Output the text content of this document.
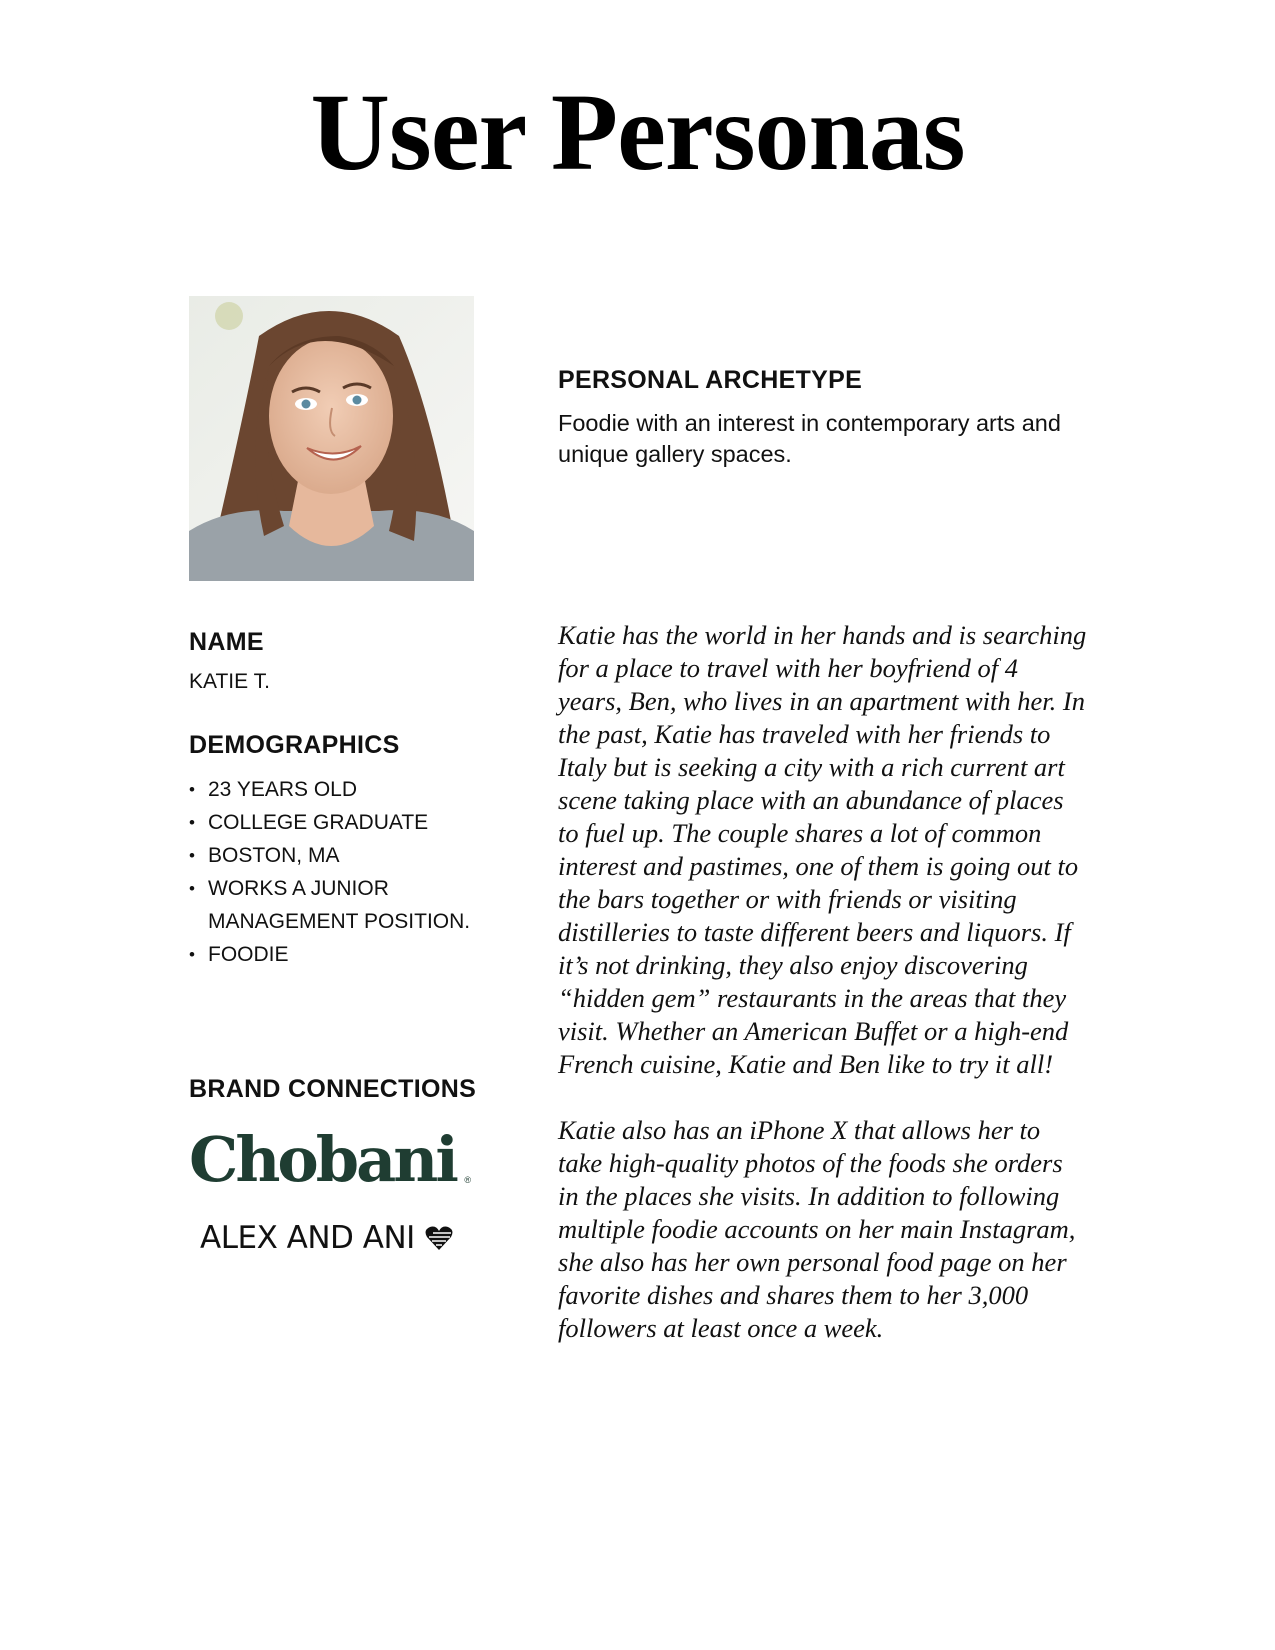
User Personas
PERSONAL ARCHETYPE
Foodie with an interest in contemporary arts and unique gallery spaces.
NAME
KATIE T.
DEMOGRAPHICS
• 23 YEARS OLD
• COLLEGE GRADUATE
• BOSTON, MA
• WORKS A JUNIOR MANAGEMENT POSITION.
• FOODIE
BRAND CONNECTIONS
Chobani ®
ALEX AND ANI

Katie has the world in her hands and is searching for a place to travel with her boyfriend of 4 years, Ben, who lives in an apartment with her. In the past, Katie has traveled with her friends to Italy but is seeking a city with a rich current art scene taking place with an abundance of places to fuel up. The couple shares a lot of common interest and pastimes, one of them is going out to the bars together or with friends or visiting distilleries to taste different beers and liquors. If it’s not drinking, they also enjoy discovering “hidden gem” restaurants in the areas that they visit. Whether an American Buffet or a high-end French cuisine, Katie and Ben like to try it all!

Katie also has an iPhone X that allows her to take high-quality photos of the foods she orders in the places she visits. In addition to following multiple foodie accounts on her main Instagram, she also has her own personal food page on her favorite dishes and shares them to her 3,000 followers at least once a week.
